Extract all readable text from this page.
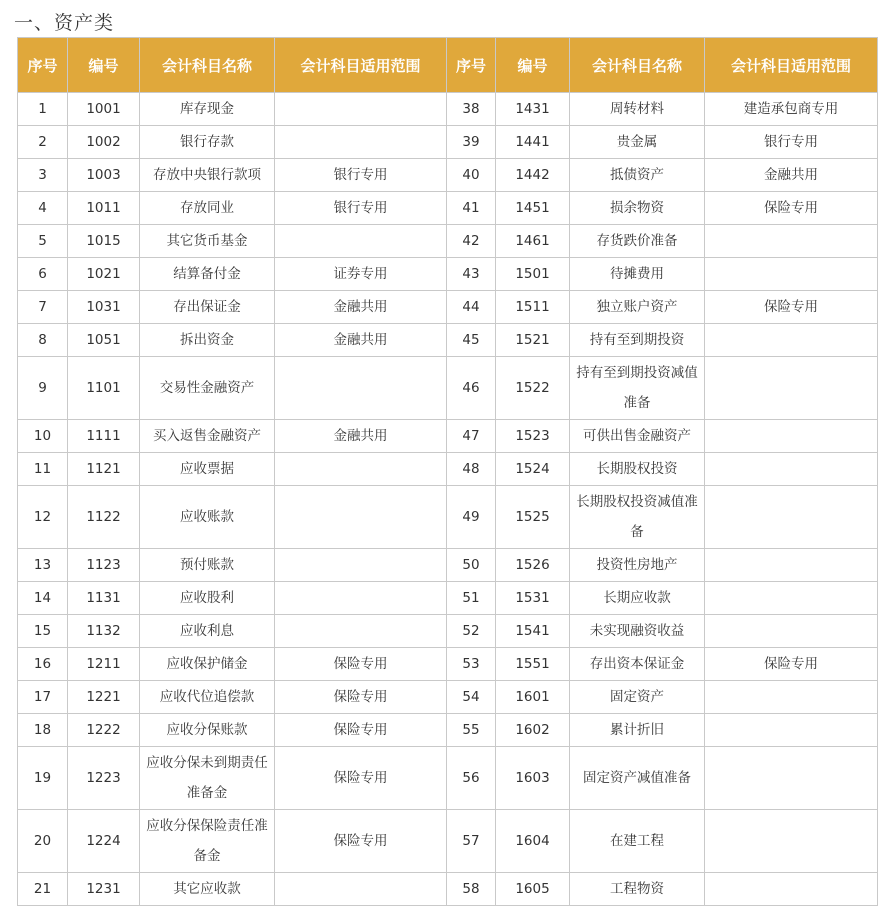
一、资产类
序号	编号	会计科目名称	会计科目适用范围	序号	编号	会计科目名称	会计科目适用范围
1	1001	库存现金		38	1431	周转材料	建造承包商专用
2	1002	银行存款		39	1441	贵金属	银行专用
3	1003	存放中央银行款项	银行专用	40	1442	抵债资产	金融共用
4	1011	存放同业	银行专用	41	1451	损余物资	保险专用
5	1015	其它货币基金		42	1461	存货跌价准备	
6	1021	结算备付金	证券专用	43	1501	待摊费用	
7	1031	存出保证金	金融共用	44	1511	独立账户资产	保险专用
8	1051	拆出资金	金融共用	45	1521	持有至到期投资	
9	1101	交易性金融资产		46	1522	持有至到期投资减值准备	
10	1111	买入返售金融资产	金融共用	47	1523	可供出售金融资产	
11	1121	应收票据		48	1524	长期股权投资	
12	1122	应收账款		49	1525	长期股权投资减值准备	
13	1123	预付账款		50	1526	投资性房地产	
14	1131	应收股利		51	1531	长期应收款	
15	1132	应收利息		52	1541	未实现融资收益	
16	1211	应收保护储金	保险专用	53	1551	存出资本保证金	保险专用
17	1221	应收代位追偿款	保险专用	54	1601	固定资产	
18	1222	应收分保账款	保险专用	55	1602	累计折旧	
19	1223	应收分保未到期责任准备金	保险专用	56	1603	固定资产减值准备	
20	1224	应收分保保险责任准备金	保险专用	57	1604	在建工程	
21	1231	其它应收款		58	1605	工程物资	
